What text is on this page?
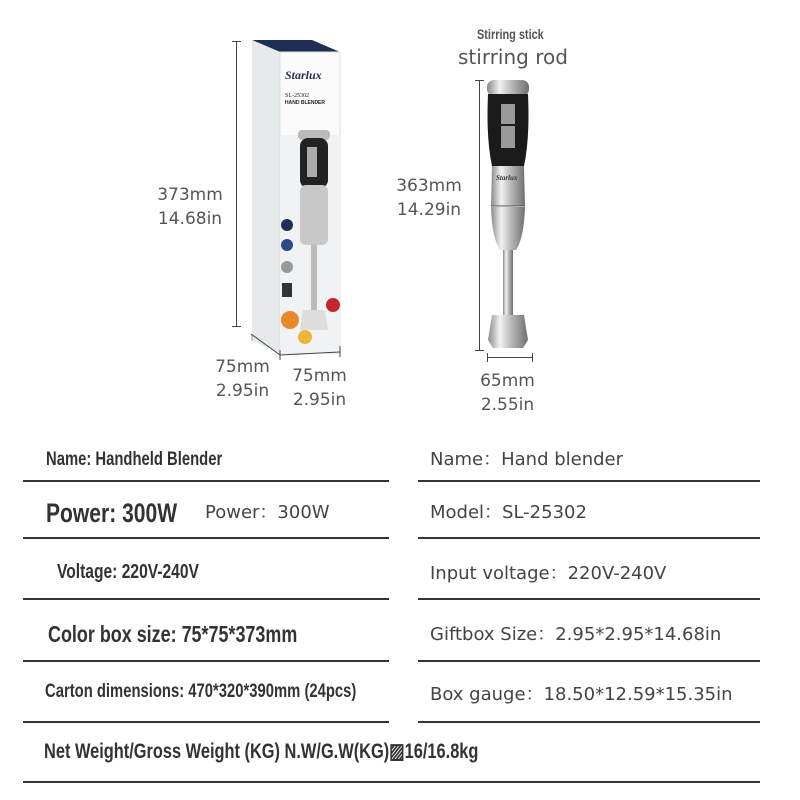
373mm
14.68in
Starlux
SL-25302
HAND BLENDER
75mm
2.95in
75mm
2.95in
Stirring stick
stirring rod
363mm
14.29in
Starlux
65mm
2.55in
Name: Handheld Blender
Power: 300W Power：300W
Voltage: 220V-240V
Color box size: 75*75*373mm
Carton dimensions: 470*320*390mm (24pcs)
Net Weight/Gross Weight (KG) N.W/G.W(KG)▨16/16.8kg
Name：Hand blender
Model：SL-25302
Input voltage：220V-240V
Giftbox Size：2.95*2.95*14.68in
Box gauge：18.50*12.59*15.35in
